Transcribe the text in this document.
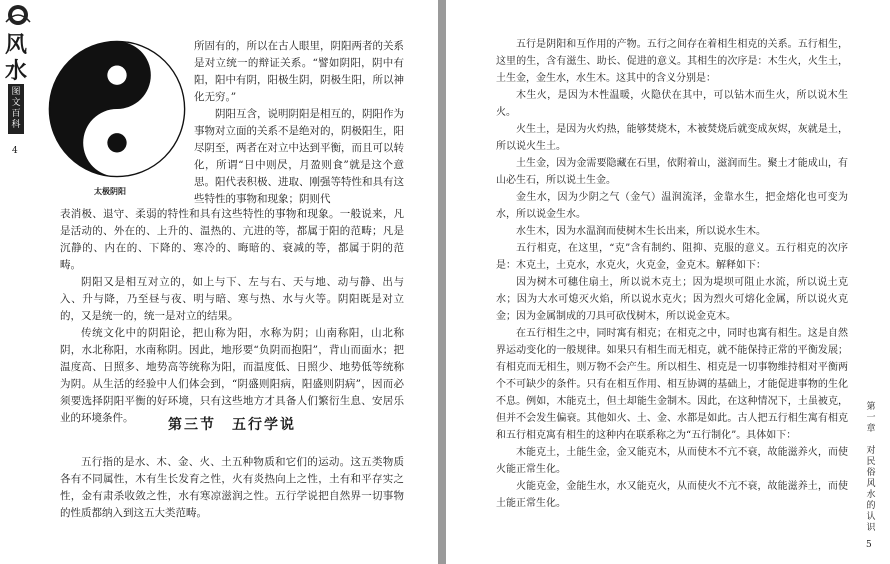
风
水
图
文
百
科
4
太极阴阳

所固有的，所以在古人眼里，阴阳两者的关系是对立统一的辩证关系。“譬如阴阳，阴中有阳，阳中有阴，阳极生阴，阴极生阳，所以神化无穷。”

阴阳互含，说明阴阳是相互的，阴阳作为事物对立面的关系不是绝对的，阴极阳生，阳尽阴至，两者在对立中达到平衡，而且可以转化，所谓“日中则昃，月盈则食”就是这个意思。阳代表积极、进取、刚强等特性和具有这些特性的事物和现象；阴则代

表消极、退守、柔弱的特性和具有这些特性的事物和现象。一般说来，凡是活动的、外在的、上升的、温热的、亢进的等，都属于阳的范畴；凡是沉静的、内在的、下降的、寒冷的、晦暗的、衰减的等，都属于阴的范畴。

阴阳又是相互对立的，如上与下、左与右、天与地、动与静、出与入、升与降，乃至昼与夜、明与暗、寒与热、水与火等。阴阳既是对立的，又是统一的，统一是对立的结果。

传统文化中的阴阳论，把山称为阳，水称为阴；山南称阳，山北称阴，水北称阳，水南称阴。因此，地形要“负阴而抱阳”，背山而面水；把温度高、日照多、地势高等统称为阳，而温度低、日照少、地势低等统称为阴。从生活的经验中人们体会到，“阴盛则阳病，阳盛则阴病”，因而必须要选择阴阳平衡的好环境，只有这些地方才具备人们繁衍生息、安居乐业的环境条件。	第三节　五行学说

五行指的是水、木、金、火、土五种物质和它们的运动。这五类物质各有不同属性，木有生长发育之性，火有炎热向上之性，土有和平存实之性，金有肃杀收敛之性，水有寒凉滋润之性。五行学说把自然界一切事物的性质都纳入到这五大类范畴。

五行是阴阳和互作用的产物。五行之间存在着相生相克的关系。五行相生，这里的生，含有滋生、助长、促进的意义。其相生的次序是：木生火，火生土，土生金，金生水，水生木。这其中的含义分别是：

木生火，是因为木性温暖，火隐伏在其中，可以钻木而生火，所以说木生火。

火生土，是因为火灼热，能够焚烧木，木被焚烧后就变成灰烬，灰就是土，所以说火生土。

土生金，因为金需要隐藏在石里，依附着山，滋润而生。聚土才能成山，有山必生石，所以说土生金。

金生水，因为少阴之气（金气）温润流泽，金靠水生，把金熔化也可变为水，所以说金生水。

水生木，因为水温润而使树木生长出来，所以说水生木。

五行相克，在这里，“克”含有制约、阻抑、克服的意义。五行相克的次序是：木克土，土克水，水克火，火克金，金克木。解释如下：

因为树木可穗住扇土，所以说木克土；因为堤坝可阻止水流，所以说土克水；因为大水可熄灭火焰，所以说水克火；因为烈火可熔化金属，所以说火克金；因为金属制成的刀具可砍伐树木，所以说金克木。

在五行相生之中，同时寓有相克；在相克之中，同时也寓有相生。这是自然界运动变化的一般规律。如果只有相生而无相克，就不能保持正常的平衡发展；有相克而无相生，则万物不会产生。所以相生、相克是一切事物维持相对平衡两个不可缺少的条件。只有在相互作用、相互协调的基础上，才能促进事物的生化不息。例如，木能克土，但土却能生金制木。因此，在这种情况下，土虽被克，但并不会发生偏衰。其他如火、土、金、水都是如此。古人把五行相生寓有相克和五行相克寓有相生的这种内在联系称之为“五行制化”。具体如下：

木能克土，土能生金，金又能克木，从而使木不亢不衰，故能滋养火，而使火能正常生化。

火能克金，金能生水，水又能克火，从而使火不亢不衰，故能滋养土，而使土能正常生化。

第
一
章

对
民
俗
风
水
的
认
识
5
